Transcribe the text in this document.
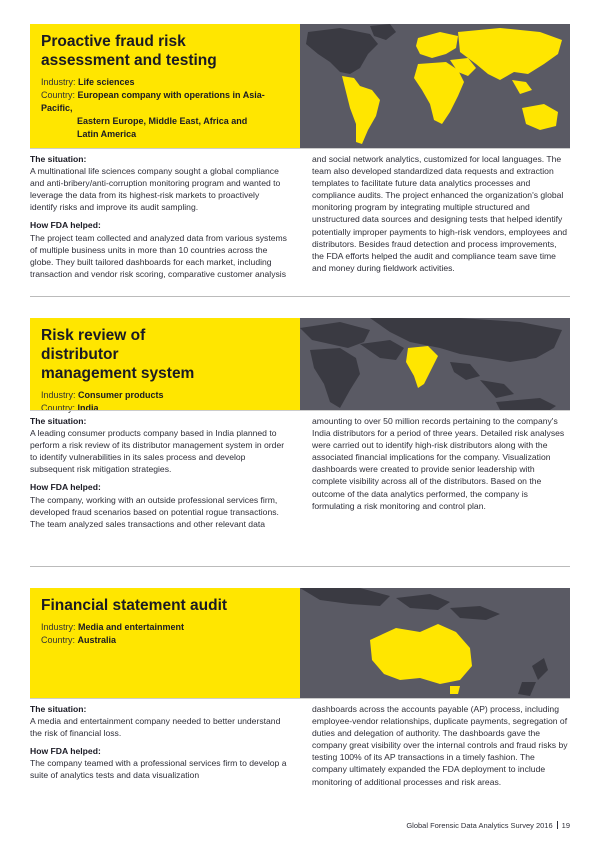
Proactive fraud risk assessment and testing
Industry: Life sciences
Country: European company with operations in Asia-Pacific,
Eastern Europe, Middle East, Africa and
Latin America
The situation:

A multinational life sciences company sought a global compliance and anti-bribery/anti-corruption monitoring program and wanted to leverage the data from its highest-risk markets to proactively identify risks and improve its audit sampling.

How FDA helped:

The project team collected and analyzed data from various systems of multiple business units in more than 10 countries across the globe. They built tailored dashboards for each market, including transaction and vendor risk scoring, comparative customer analysis

and social network analytics, customized for local languages. The team also developed standardized data requests and extraction templates to facilitate future data analytics processes and compliance audits. The project enhanced the organization's global monitoring program by integrating multiple structured and unstructured data sources and designing tests that helped identify potentially improper payments to high-risk vendors, employees and distributors. Besides fraud detection and process improvements, the FDA efforts helped the audit and compliance team save time and money during fieldwork activities.

Risk review of distributor management system
Industry: Consumer products
Country: India
The situation:

A leading consumer products company based in India planned to perform a risk review of its distributor management system in order to identify vulnerabilities in its sales process and develop subsequent risk mitigation strategies.

How FDA helped:

The company, working with an outside professional services firm, developed fraud scenarios based on potential rogue transactions. The team analyzed sales transactions and other relevant data

amounting to over 50 million records pertaining to the company's India distributors for a period of three years. Detailed risk analyses were carried out to identify high-risk distributors along with the associated financial implications for the company. Visualization dashboards were created to provide senior leadership with complete visibility across all of the distributors. Based on the outcome of the data analytics performed, the company is formulating a risk monitoring and control plan.

Financial statement audit
Industry: Media and entertainment
Country: Australia
The situation:

A media and entertainment company needed to better understand the risk of financial loss.

How FDA helped:

The company teamed with a professional services firm to develop a suite of analytics tests and data visualization

dashboards across the accounts payable (AP) process, including employee-vendor relationships, duplicate payments, segregation of duties and delegation of authority. The dashboards gave the company great visibility over the internal controls and fraud risks by testing 100% of its AP transactions in a timely fashion. The company ultimately expanded the FDA deployment to include monitoring of additional processes and risk areas.

Global Forensic Data Analytics Survey 2016 19
